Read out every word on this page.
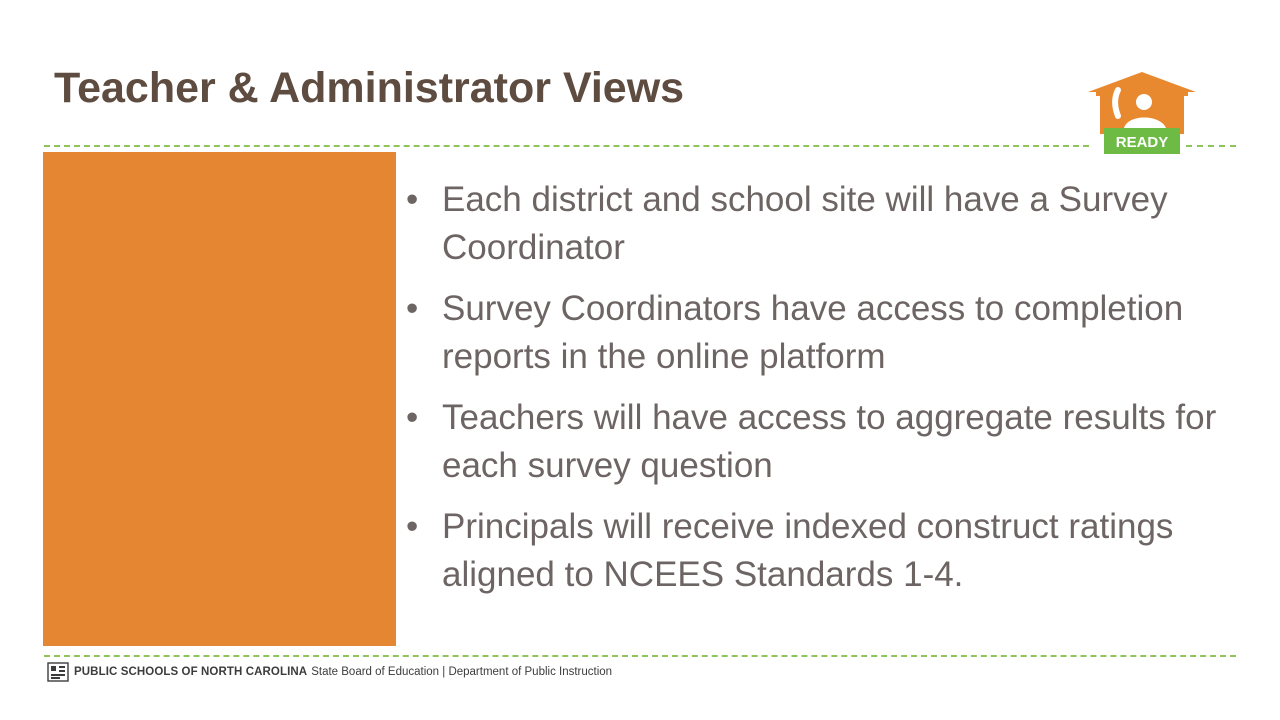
Teacher & Administrator Views
READY
• Each district and school site will have a Survey Coordinator
• Survey Coordinators have access to completion reports in the online platform
• Teachers will have access to aggregate results for each survey question
• Principals will receive indexed construct ratings aligned to NCEES Standards 1-4.
PUBLIC SCHOOLS OF NORTH CAROLINA State Board of Education | Department of Public Instruction
